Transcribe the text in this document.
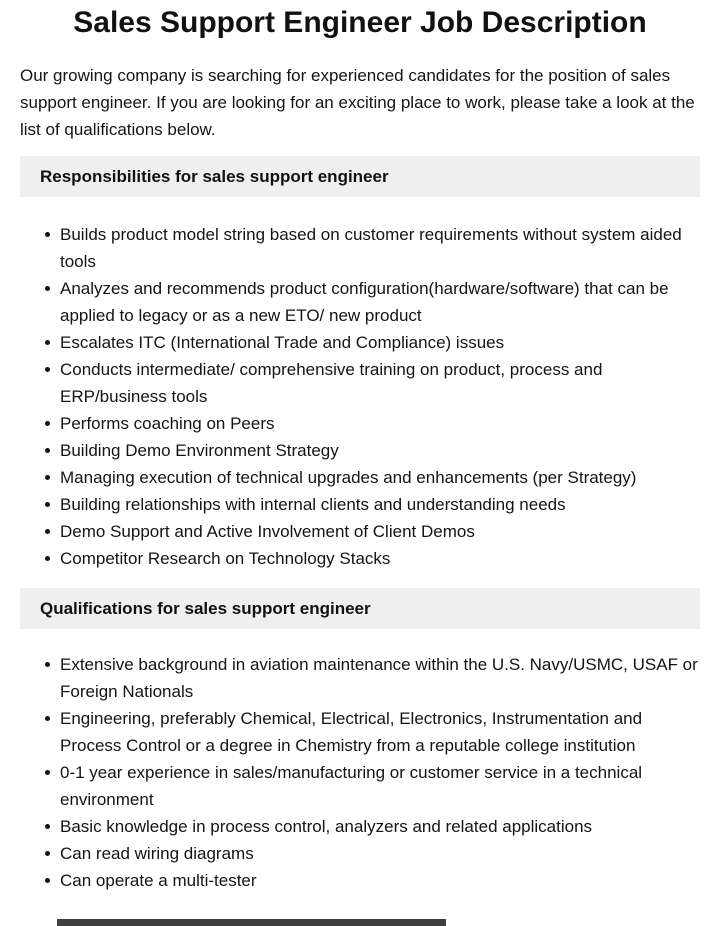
Sales Support Engineer Job Description

Our growing company is searching for experienced candidates for the position of sales support engineer. If you are looking for an exciting place to work, please take a look at the list of qualifications below.

Responsibilities for sales support engineer
Builds product model string based on customer requirements without system aided tools
Analyzes and recommends product configuration(hardware/software) that can be applied to legacy or as a new ETO/ new product
Escalates ITC (International Trade and Compliance) issues
Conducts intermediate/ comprehensive training on product, process and ERP/business tools
Performs coaching on Peers
Building Demo Environment Strategy
Managing execution of technical upgrades and enhancements (per Strategy)
Building relationships with internal clients and understanding needs
Demo Support and Active Involvement of Client Demos
Competitor Research on Technology Stacks
Qualifications for sales support engineer
Extensive background in aviation maintenance within the U.S. Navy/USMC, USAF or Foreign Nationals
Engineering, preferably Chemical, Electrical, Electronics, Instrumentation and Process Control or a degree in Chemistry from a reputable college institution
0-1 year experience in sales/manufacturing or customer service in a technical environment
Basic knowledge in process control, analyzers and related applications
Can read wiring diagrams
Can operate a multi-tester
